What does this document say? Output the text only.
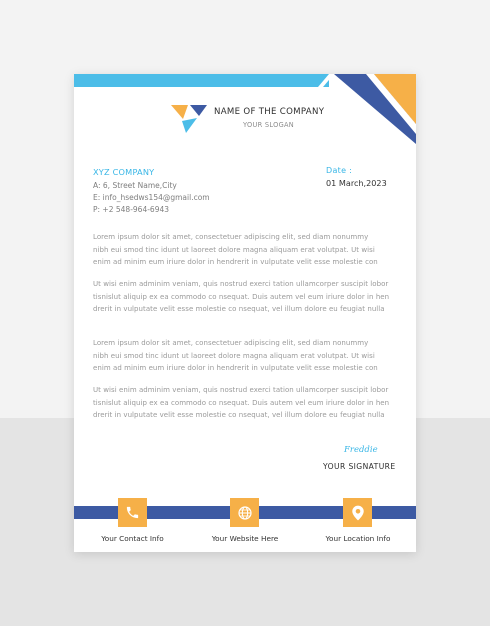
NAME OF THE COMPANY
YOUR SLOGAN
XYZ COMPANY
A: 6, Street Name,City
E: info_hsedws154@gmail.com
P: +2 548-964-6943
Date :
01 March,2023
Lorem ipsum dolor sit amet, consectetuer adipiscing elit, sed diam nonummy
nibh eui smod tinc idunt ut laoreet dolore magna aliquam erat volutpat. Ut wisi
enim ad minim eum iriure dolor in hendrerit in vulputate velit esse molestie con
Ut wisi enim adminim veniam, quis nostrud exerci tation ullamcorper suscipit lobor
tisnislut aliquip ex ea commodo co nsequat. Duis autem vel eum iriure dolor in hen
drerit in vulputate velit esse molestie co nsequat, vel illum dolore eu feugiat nulla
Lorem ipsum dolor sit amet, consectetuer adipiscing elit, sed diam nonummy
nibh eui smod tinc idunt ut laoreet dolore magna aliquam erat volutpat. Ut wisi
enim ad minim eum iriure dolor in hendrerit in vulputate velit esse molestie con
Ut wisi enim adminim veniam, quis nostrud exerci tation ullamcorper suscipit lobor
tisnislut aliquip ex ea commodo co nsequat. Duis autem vel eum iriure dolor in hen
drerit in vulputate velit esse molestie co nsequat, vel illum dolore eu feugiat nulla
Freddie
YOUR SIGNATURE
Your Contact Info	Your Website Here	Your Location Info
